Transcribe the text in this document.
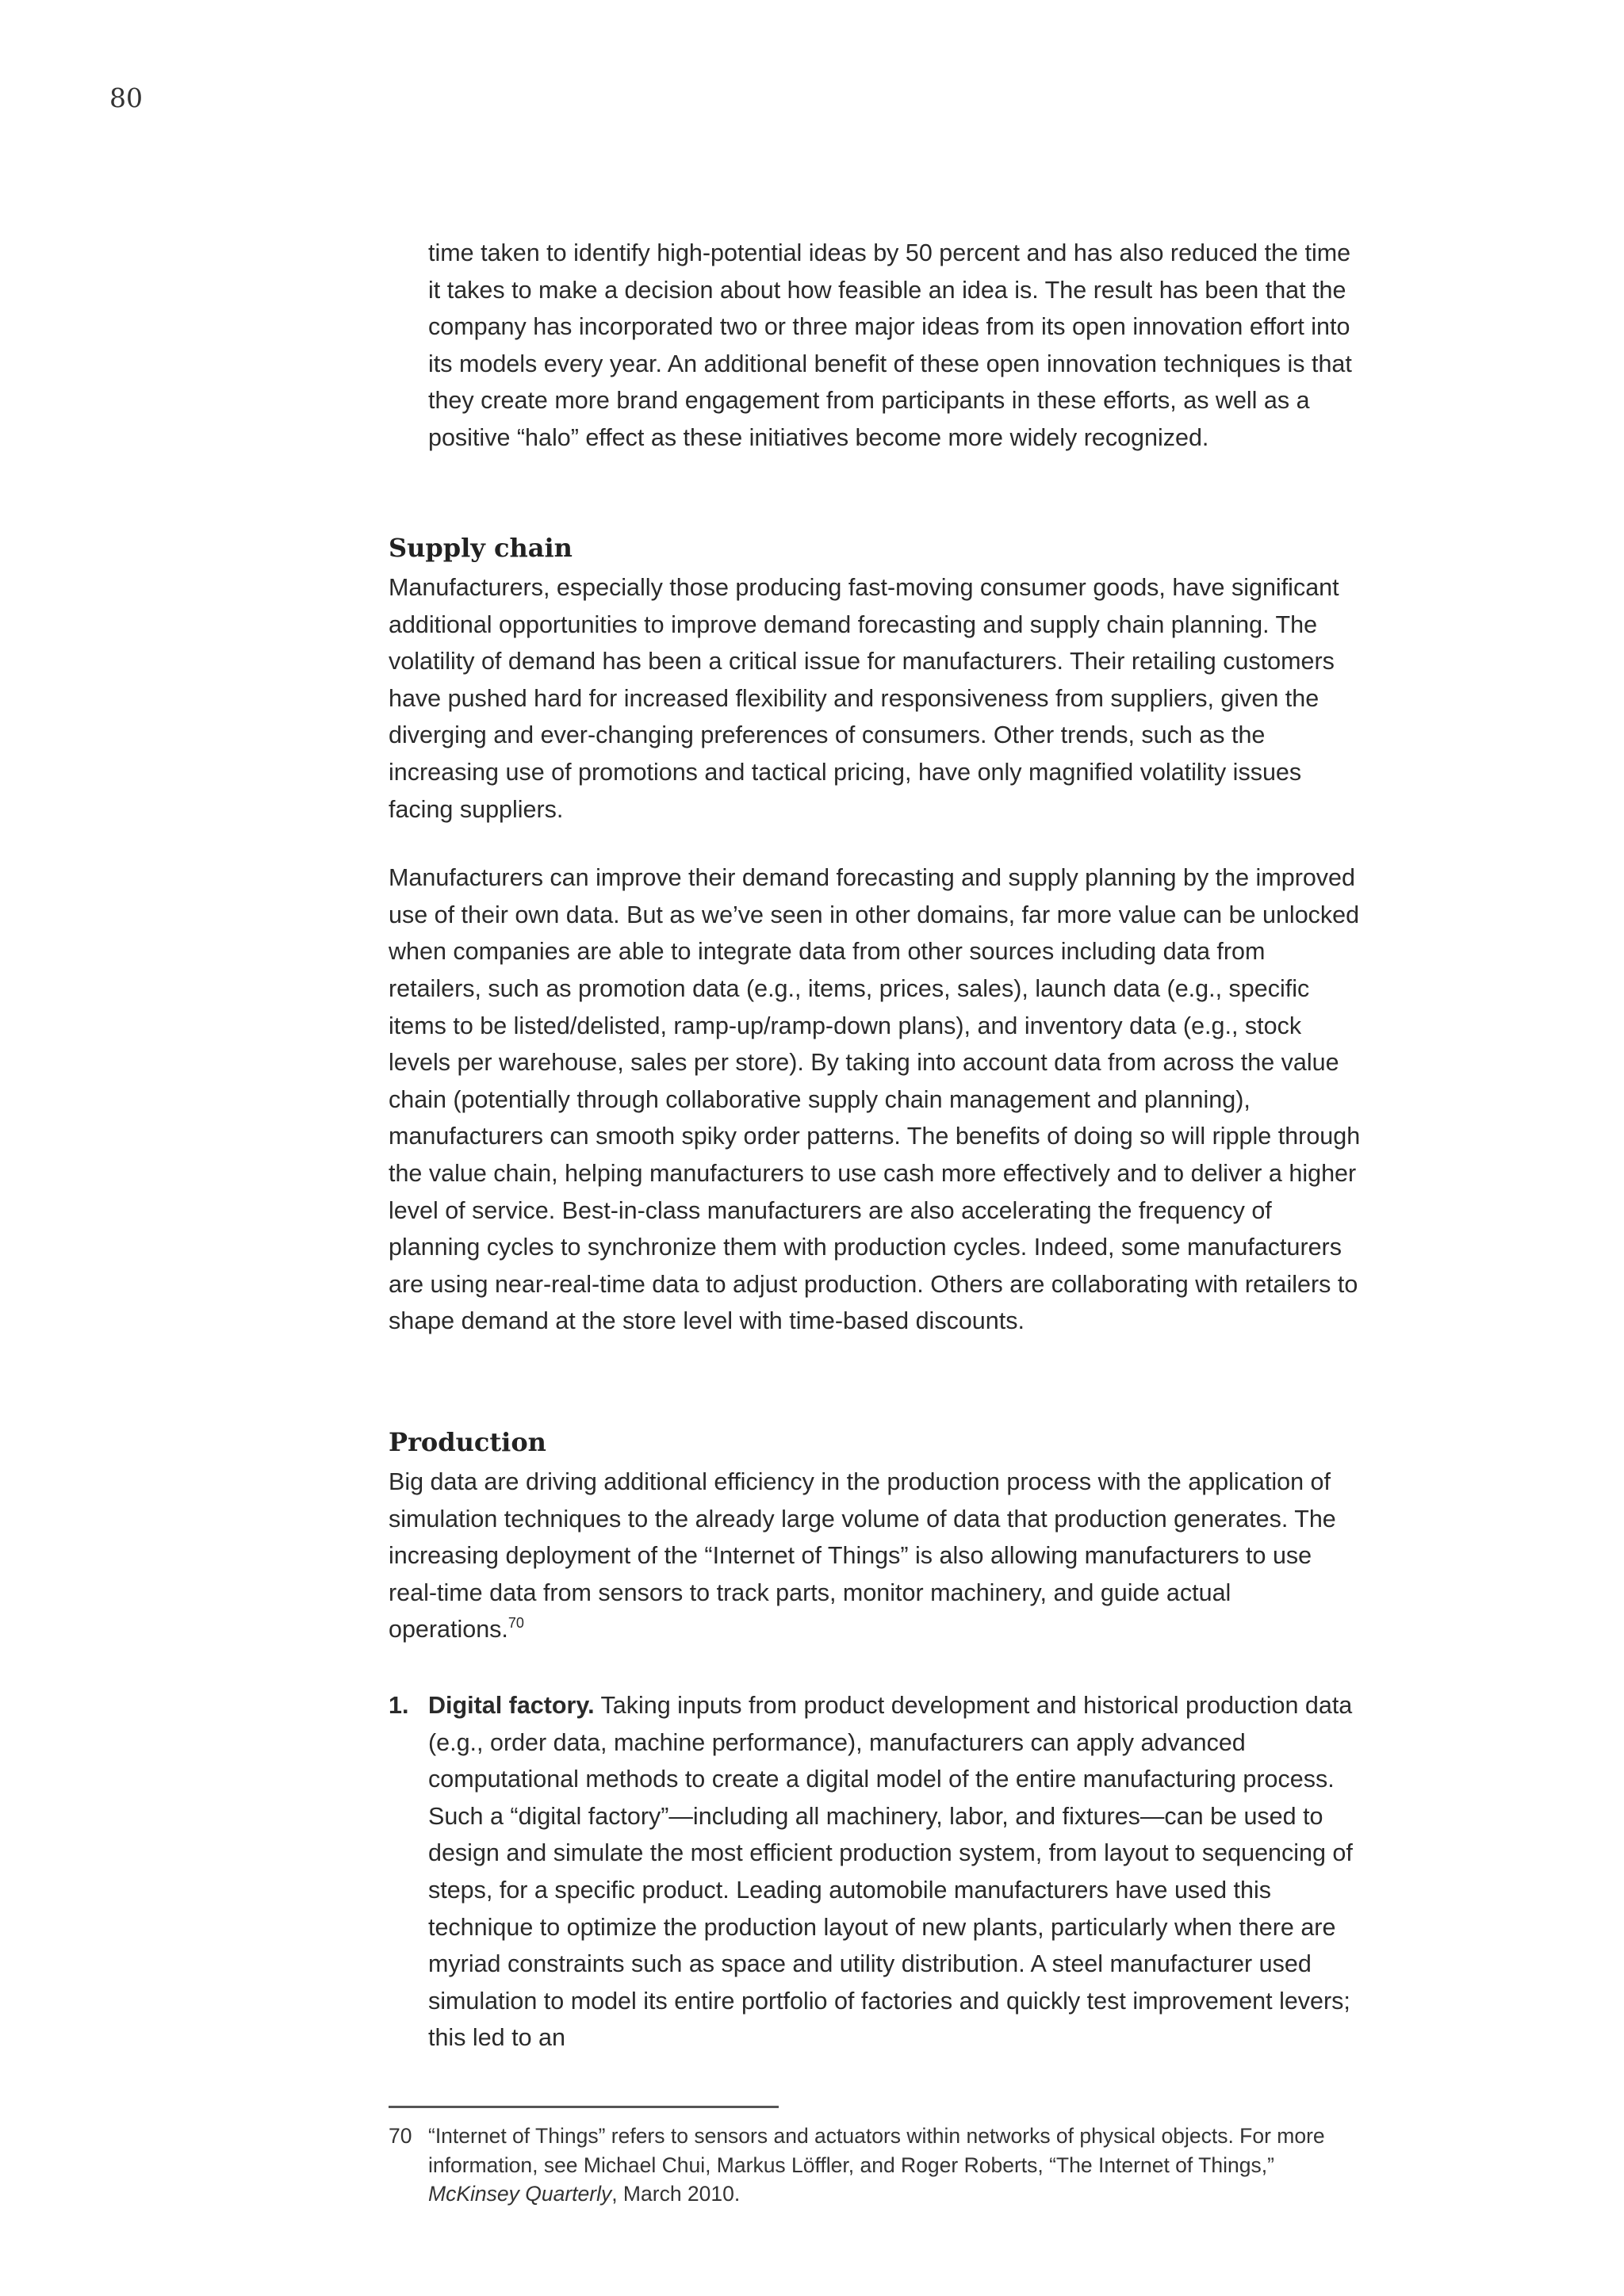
80

time taken to identify high-potential ideas by 50 percent and has also reduced the time it takes to make a decision about how feasible an idea is. The result has been that the company has incorporated two or three major ideas from its open innovation effort into its models every year. An additional benefit of these open innovation techniques is that they create more brand engagement from participants in these efforts, as well as a positive “halo” effect as these initiatives become more widely recognized.

Supply chain

Manufacturers, especially those producing fast-moving consumer goods, have significant additional opportunities to improve demand forecasting and supply chain planning. The volatility of demand has been a critical issue for manufacturers. Their retailing customers have pushed hard for increased flexibility and responsiveness from suppliers, given the diverging and ever-changing preferences of consumers. Other trends, such as the increasing use of promotions and tactical pricing, have only magnified volatility issues facing suppliers.

Manufacturers can improve their demand forecasting and supply planning by the improved use of their own data. But as we’ve seen in other domains, far more value can be unlocked when companies are able to integrate data from other sources including data from retailers, such as promotion data (e.g., items, prices, sales), launch data (e.g., specific items to be listed/delisted, ramp-up/ramp-down plans), and inventory data (e.g., stock levels per warehouse, sales per store). By taking into account data from across the value chain (potentially through collaborative supply chain management and planning), manufacturers can smooth spiky order patterns. The benefits of doing so will ripple through the value chain, helping manufacturers to use cash more effectively and to deliver a higher level of service. Best-in-class manufacturers are also accelerating the frequency of planning cycles to synchronize them with production cycles. Indeed, some manufacturers are using near-real-time data to adjust production. Others are collaborating with retailers to shape demand at the store level with time-based discounts.

Production

Big data are driving additional efficiency in the production process with the application of simulation techniques to the already large volume of data that production generates. The increasing deployment of the “Internet of Things” is also allowing manufacturers to use real-time data from sensors to track parts, monitor machinery, and guide actual operations.$^{70}$

1. Digital factory. Taking inputs from product development and historical production data (e.g., order data, machine performance), manufacturers can apply advanced computational methods to create a digital model of the entire manufacturing process. Such a “digital factory”—including all machinery, labor, and fixtures—can be used to design and simulate the most efficient production system, from layout to sequencing of steps, for a specific product. Leading automobile manufacturers have used this technique to optimize the production layout of new plants, particularly when there are myriad constraints such as space and utility distribution. A steel manufacturer used simulation to model its entire portfolio of factories and quickly test improvement levers; this led to an

70 “Internet of Things” refers to sensors and actuators within networks of physical objects. For more information, see Michael Chui, Markus Löffler, and Roger Roberts, “The Internet of Things,” McKinsey Quarterly, March 2010.
